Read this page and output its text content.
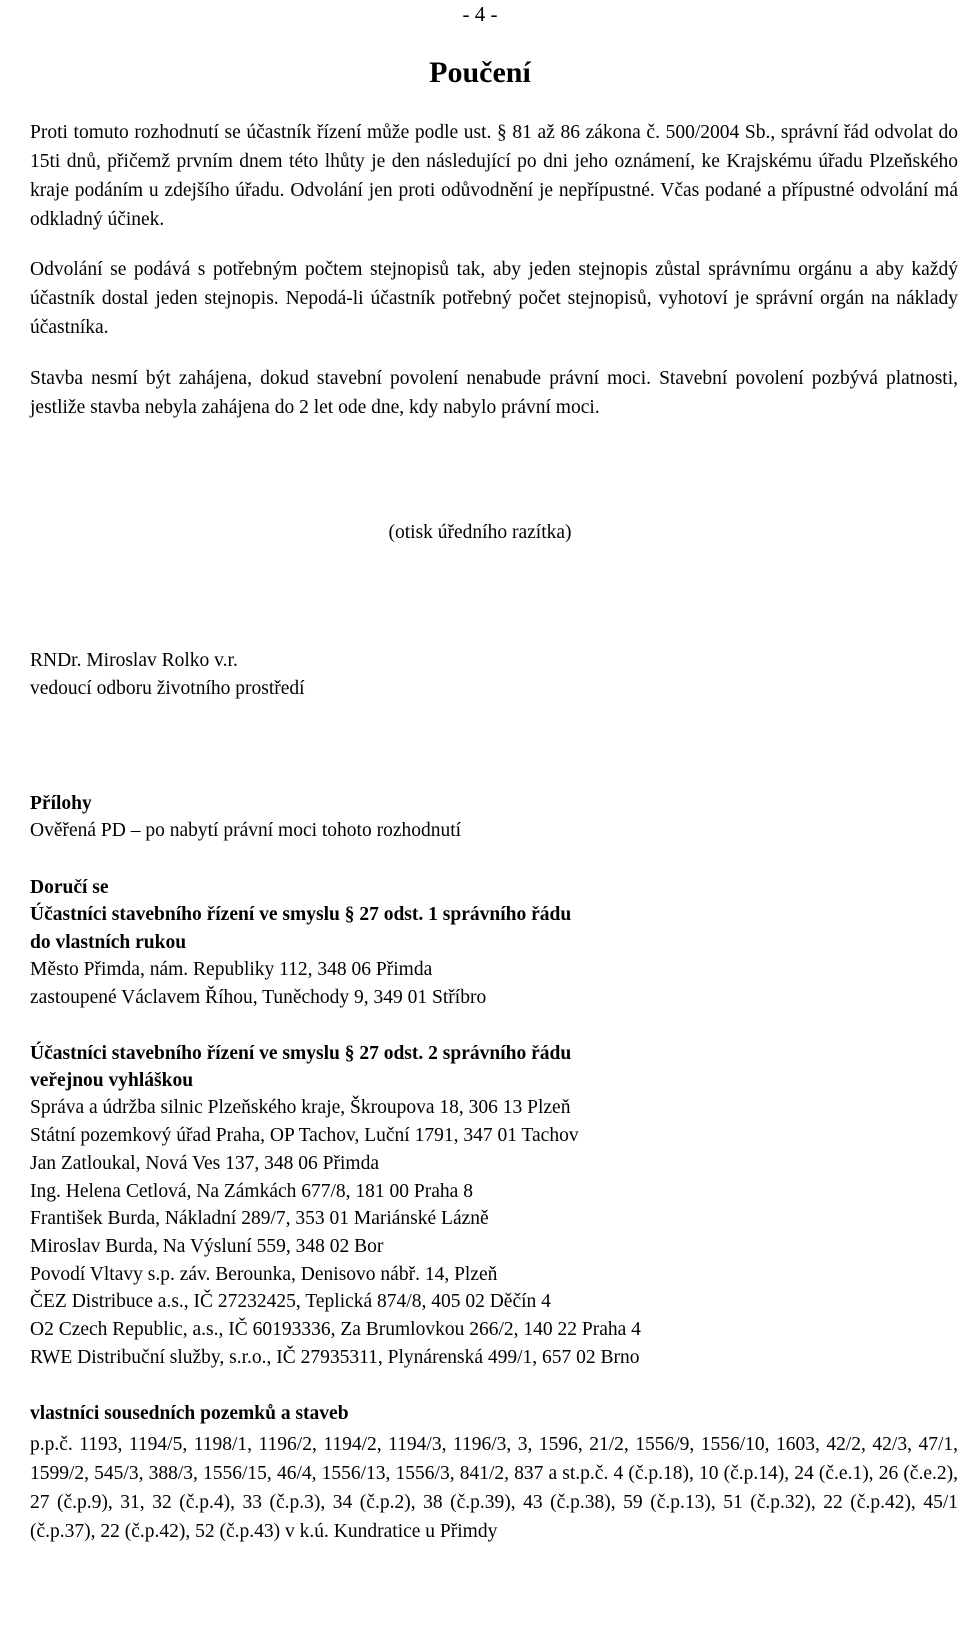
- 4 -
Poučení

Proti tomuto rozhodnutí se účastník řízení může podle ust. § 81 až 86 zákona č. 500/2004 Sb., správní řád odvolat do 15ti dnů, přičemž prvním dnem této lhůty je den následující po dni jeho oznámení, ke Krajskému úřadu Plzeňského kraje podáním u zdejšího úřadu. Odvolání jen proti odůvodnění je nepřípustné. Včas podané a přípustné odvolání má odkladný účinek.

Odvolání se podává s potřebným počtem stejnopisů tak, aby jeden stejnopis zůstal správnímu orgánu a aby každý účastník dostal jeden stejnopis. Nepodá-li účastník potřebný počet stejnopisů, vyhotoví je správní orgán na náklady účastníka.

Stavba nesmí být zahájena, dokud stavební povolení nenabude právní moci. Stavební povolení pozbývá platnosti, jestliže stavba nebyla zahájena do 2 let ode dne, kdy nabylo právní moci.

(otisk úředního razítka)
RNDr. Miroslav Rolko v.r.
vedoucí odboru životního prostředí
Přílohy
Ověřená PD – po nabytí právní moci tohoto rozhodnutí
Doručí se
Účastníci stavebního řízení ve smyslu § 27 odst. 1 správního řádu
do vlastních rukou
Město Přimda, nám. Republiky 112, 348 06 Přimda
zastoupené Václavem Říhou, Tuněchody 9, 349 01 Stříbro
Účastníci stavebního řízení ve smyslu § 27 odst. 2 správního řádu
veřejnou vyhláškou
Správa a údržba silnic Plzeňského kraje, Škroupova 18, 306 13 Plzeň
Státní pozemkový úřad Praha, OP Tachov, Luční 1791, 347 01 Tachov
Jan Zatloukal, Nová Ves 137, 348 06 Přimda
Ing. Helena Cetlová, Na Zámkách 677/8, 181 00 Praha 8
František Burda, Nákladní 289/7, 353 01 Mariánské Lázně
Miroslav Burda, Na Výsluní 559, 348 02 Bor
Povodí Vltavy s.p. záv. Berounka, Denisovo nábř. 14, Plzeň
ČEZ Distribuce a.s., IČ 27232425, Teplická 874/8, 405 02 Děčín 4
O2 Czech Republic, a.s., IČ 60193336, Za Brumlovkou 266/2, 140 22 Praha 4
RWE Distribuční služby, s.r.o., IČ 27935311, Plynárenská 499/1, 657 02 Brno
vlastníci sousedních pozemků a staveb

p.p.č. 1193, 1194/5, 1198/1, 1196/2, 1194/2, 1194/3, 1196/3, 3, 1596, 21/2, 1556/9, 1556/10, 1603, 42/2, 42/3, 47/1, 1599/2, 545/3, 388/3, 1556/15, 46/4, 1556/13, 1556/3, 841/2, 837 a st.p.č. 4 (č.p.18), 10 (č.p.14), 24 (č.e.1), 26 (č.e.2), 27 (č.p.9), 31, 32 (č.p.4), 33 (č.p.3), 34 (č.p.2), 38 (č.p.39), 43 (č.p.38), 59 (č.p.13), 51 (č.p.32), 22 (č.p.42), 45/1 (č.p.37), 22 (č.p.42), 52 (č.p.43) v k.ú. Kundratice u Přimdy
